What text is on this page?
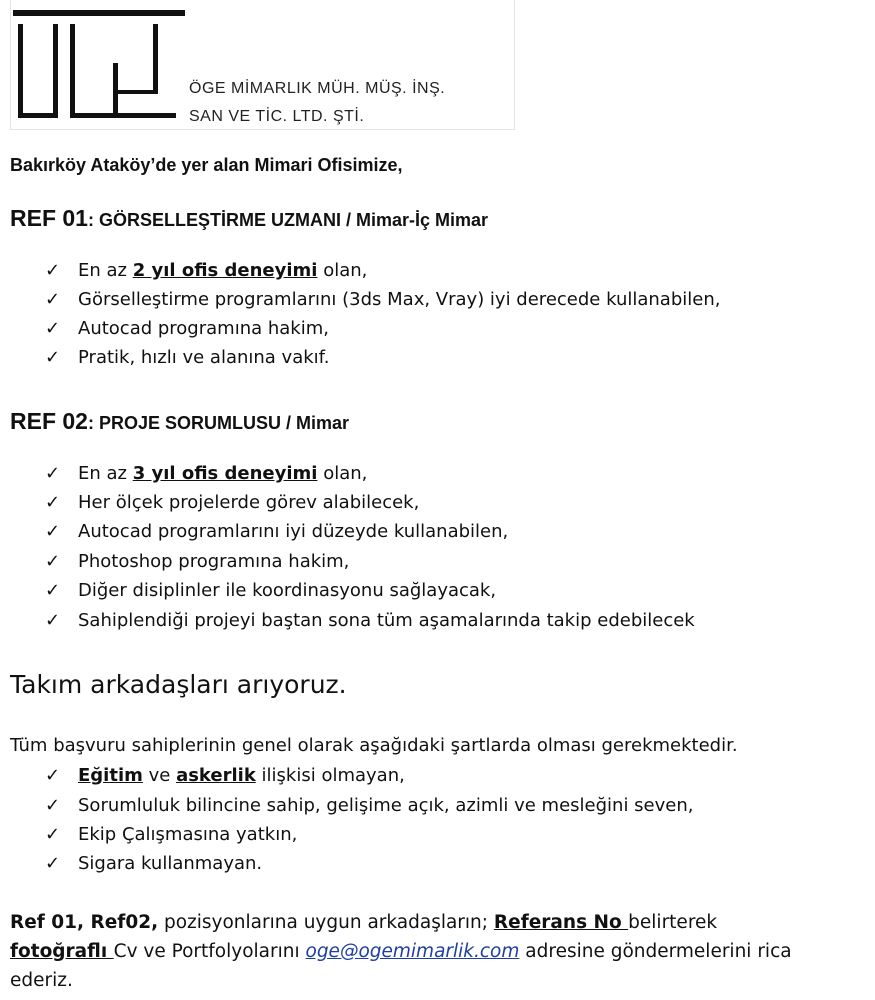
ÖGE MİMARLIK MÜH. MÜŞ. İNŞ.
SAN VE TİC. LTD. ŞTİ.
Bakırköy Ataköy’de yer alan Mimari Ofisimize,
REF 01: GÖRSELLEŞTİRME UZMANI / Mimar-İç Mimar
✓ En az 2 yıl ofis deneyimi olan,
✓ Görselleştirme programlarını (3ds Max, Vray) iyi derecede kullanabilen,
✓ Autocad programına hakim,
✓ Pratik, hızlı ve alanına vakıf.
REF 02: PROJE SORUMLUSU / Mimar
✓ En az 3 yıl ofis deneyimi olan,
✓ Her ölçek projelerde görev alabilecek,
✓ Autocad programlarını iyi düzeyde kullanabilen,
✓ Photoshop programına hakim,
✓ Diğer disiplinler ile koordinasyonu sağlayacak,
✓ Sahiplendiği projeyi baştan sona tüm aşamalarında takip edebilecek
Takım arkadaşları arıyoruz.
Tüm başvuru sahiplerinin genel olarak aşağıdaki şartlarda olması gerekmektedir.
✓ Eğitim ve askerlik ilişkisi olmayan,
✓ Sorumluluk bilincine sahip, gelişime açık, azimli ve mesleğini seven,
✓ Ekip Çalışmasına yatkın,
✓ Sigara kullanmayan.
Ref 01, Ref02, pozisyonlarına uygun arkadaşların; Referans No belirterek
fotoğraflı Cv ve Portfolyolarını oge@ogemimarlik.com adresine göndermelerini rica
ederiz.
